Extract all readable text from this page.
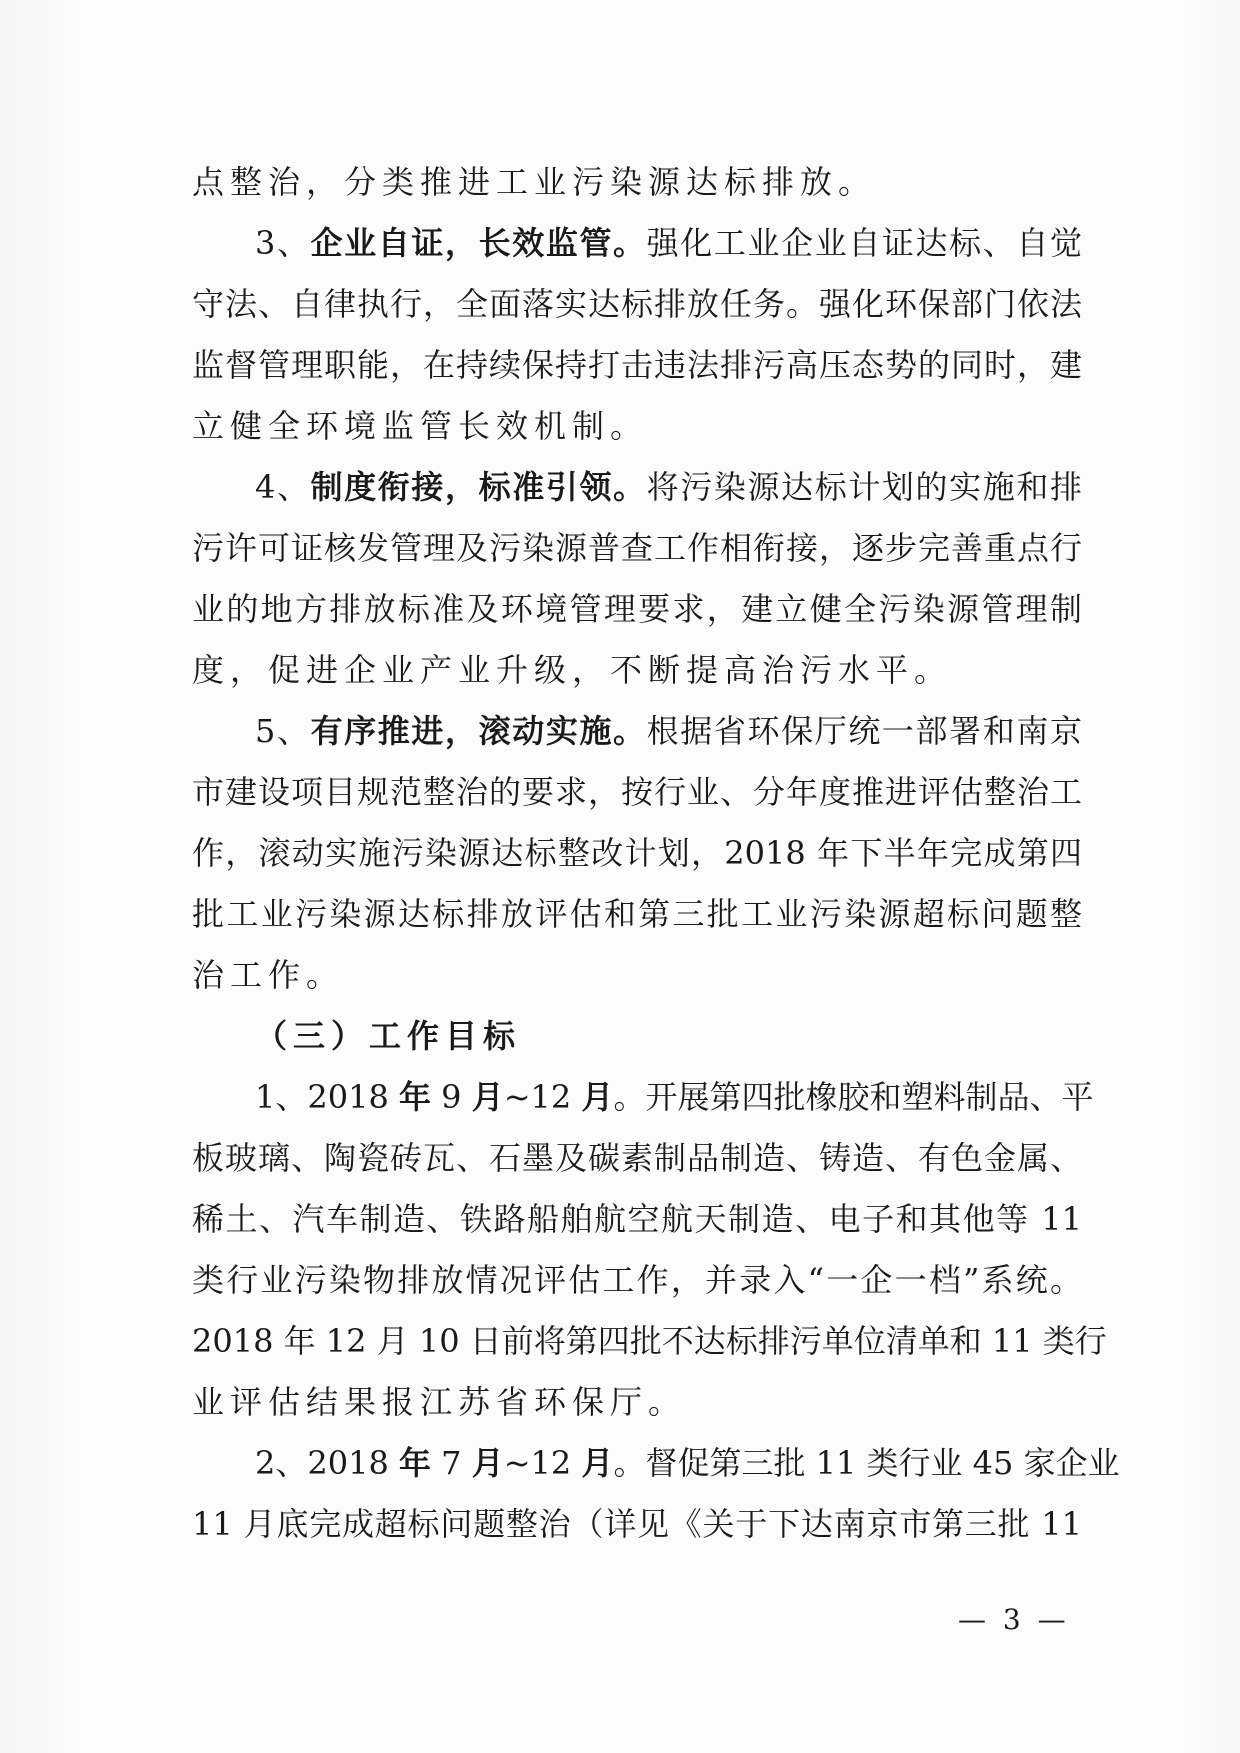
点整治，分类推进工业污染源达标排放。
3、企业自证，长效监管。强化工业企业自证达标、自觉
守法、自律执行，全面落实达标排放任务。强化环保部门依法
监督管理职能，在持续保持打击违法排污高压态势的同时，建
立健全环境监管长效机制。
4、制度衔接，标准引领。将污染源达标计划的实施和排
污许可证核发管理及污染源普查工作相衔接，逐步完善重点行
业的地方排放标准及环境管理要求，建立健全污染源管理制
度，促进企业产业升级，不断提高治污水平。
5、有序推进，滚动实施。根据省环保厅统一部署和南京
市建设项目规范整治的要求，按行业、分年度推进评估整治工
作，滚动实施污染源达标整改计划，2018 年下半年完成第四
批工业污染源达标排放评估和第三批工业污染源超标问题整
治工作。
（三）工作目标
1、2018 年 9 月~12 月。开展第四批橡胶和塑料制品、平
板玻璃、陶瓷砖瓦、石墨及碳素制品制造、铸造、有色金属、
稀土、汽车制造、铁路船舶航空航天制造、电子和其他等 11
类行业污染物排放情况评估工作，并录入“一企一档”系统。
2018 年 12 月 10 日前将第四批不达标排污单位清单和 11 类行
业评估结果报江苏省环保厅。
2、2018 年 7 月~12 月。督促第三批 11 类行业 45 家企业
11 月底完成超标问题整治（详见《关于下达南京市第三批 11
— 3 —
